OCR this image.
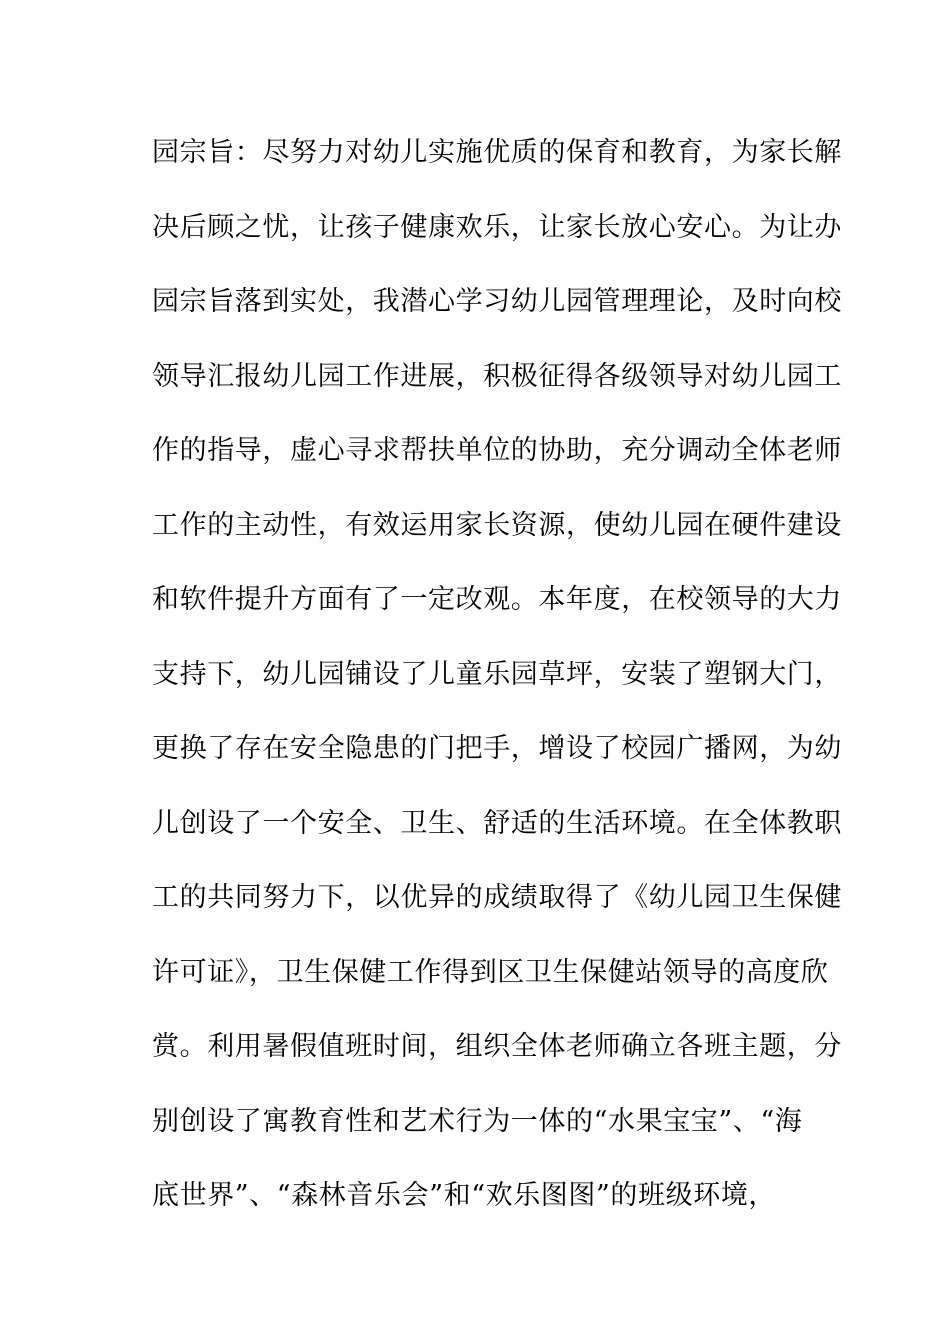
园宗旨：尽努力对幼儿实施优质的保育和教育，为家长解
决后顾之忧，让孩子健康欢乐，让家长放心安心。为让办
园宗旨落到实处，我潜心学习幼儿园管理理论，及时向校
领导汇报幼儿园工作进展，积极征得各级领导对幼儿园工
作的指导，虚心寻求帮扶单位的协助，充分调动全体老师
工作的主动性，有效运用家长资源，使幼儿园在硬件建设
和软件提升方面有了一定改观。本年度，在校领导的大力
支持下，幼儿园铺设了儿童乐园草坪，安装了塑钢大门，
更换了存在安全隐患的门把手，增设了校园广播网，为幼
儿创设了一个安全、卫生、舒适的生活环境。在全体教职
工的共同努力下，以优异的成绩取得了《幼儿园卫生保健
许可证》，卫生保健工作得到区卫生保健站领导的高度欣
赏。利用暑假值班时间，组织全体老师确立各班主题，分
别创设了寓教育性和艺术行为一体的“水果宝宝”、“海
底世界”、“森林音乐会”和“欢乐图图”的班级环境，
